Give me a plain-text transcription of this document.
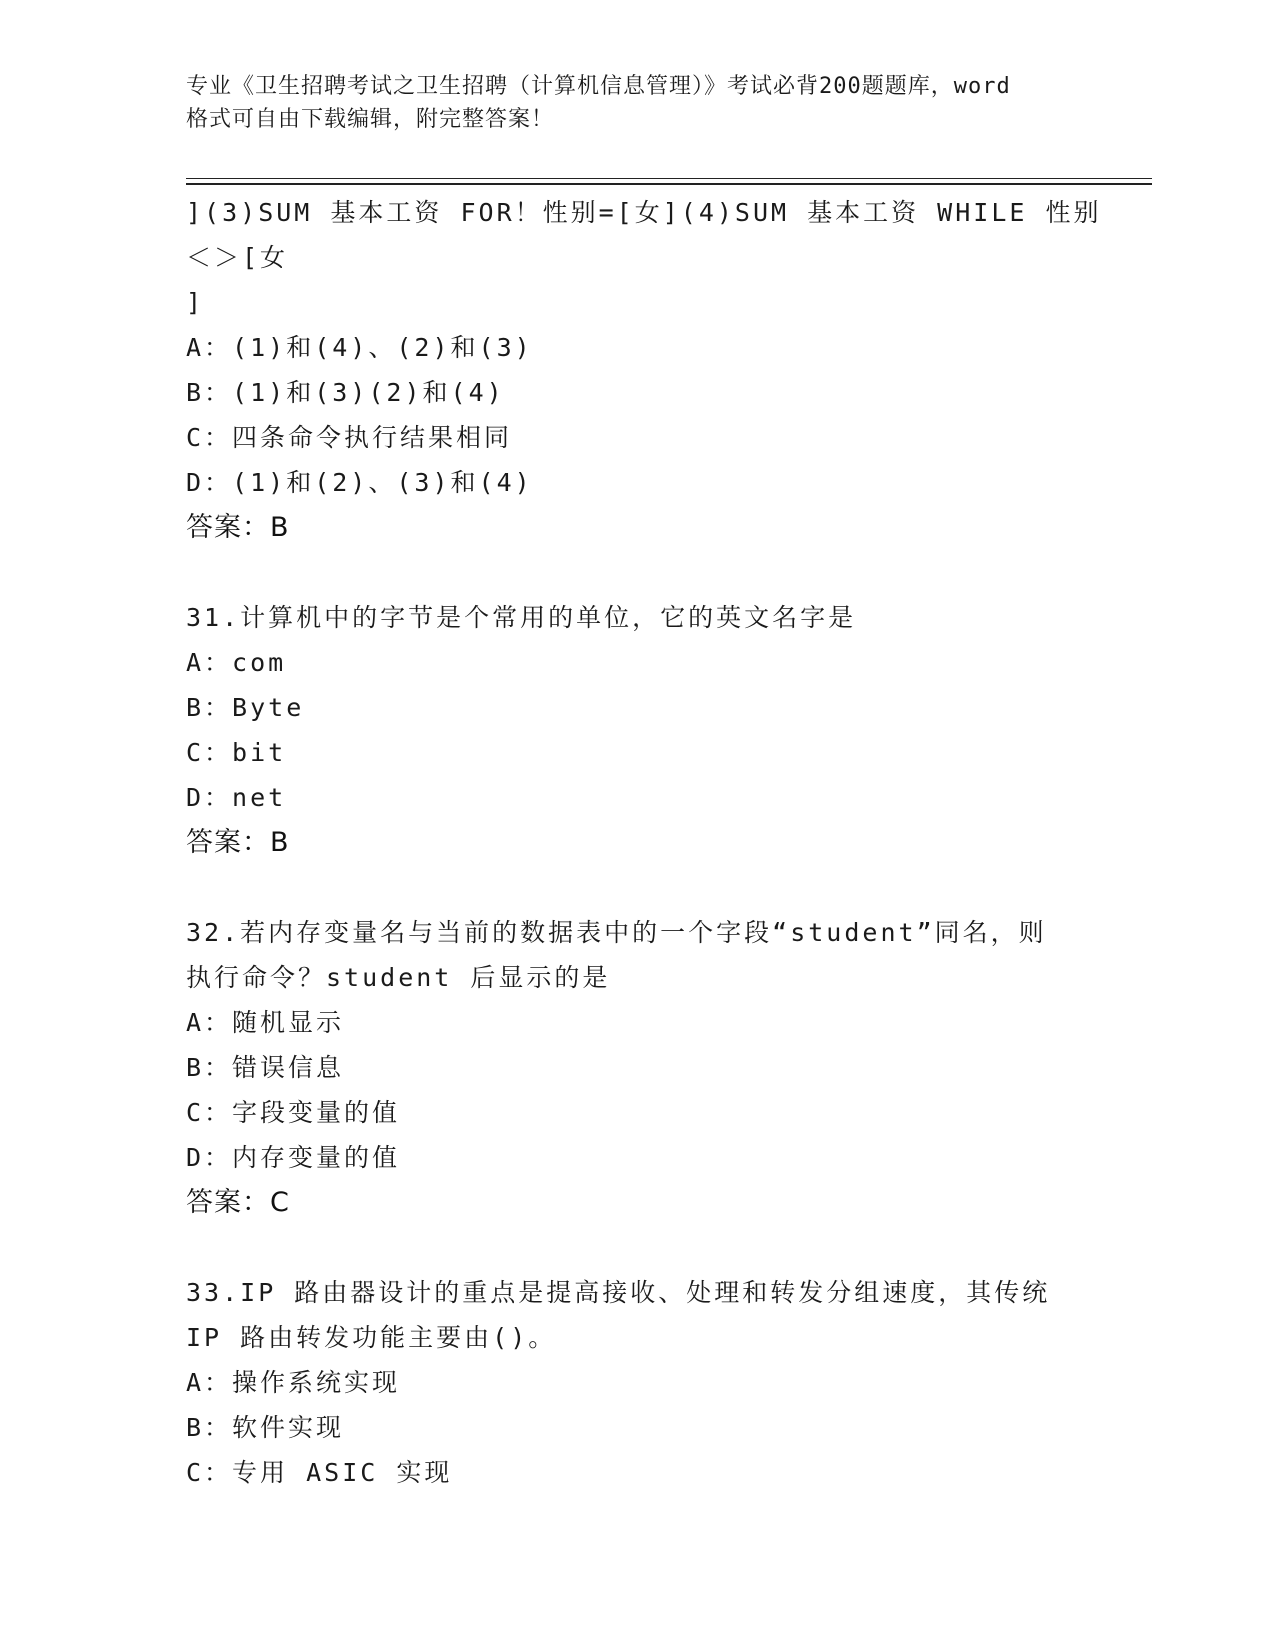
专业《卫生招聘考试之卫生招聘（计算机信息管理）》考试必背200题题库，word
格式可自由下载编辑，附完整答案！
](3)SUM 基本工资 FOR！性别=[女](4)SUM 基本工资 WHILE 性别＜＞[女
]
A：(1)和(4)、(2)和(3)
B：(1)和(3)(2)和(4)
C：四条命令执行结果相同
D：(1)和(2)、(3)和(4)
答案：B
31.计算机中的字节是个常用的单位，它的英文名字是
A：com
B：Byte
C：bit
D：net
答案：B
32.若内存变量名与当前的数据表中的一个字段“student”同名，则
执行命令？student 后显示的是
A：随机显示
B：错误信息
C：字段变量的值
D：内存变量的值
答案：C
33.IP 路由器设计的重点是提高接收、处理和转发分组速度，其传统
IP 路由转发功能主要由()。
A：操作系统实现
B：软件实现
C：专用 ASIC 实现
